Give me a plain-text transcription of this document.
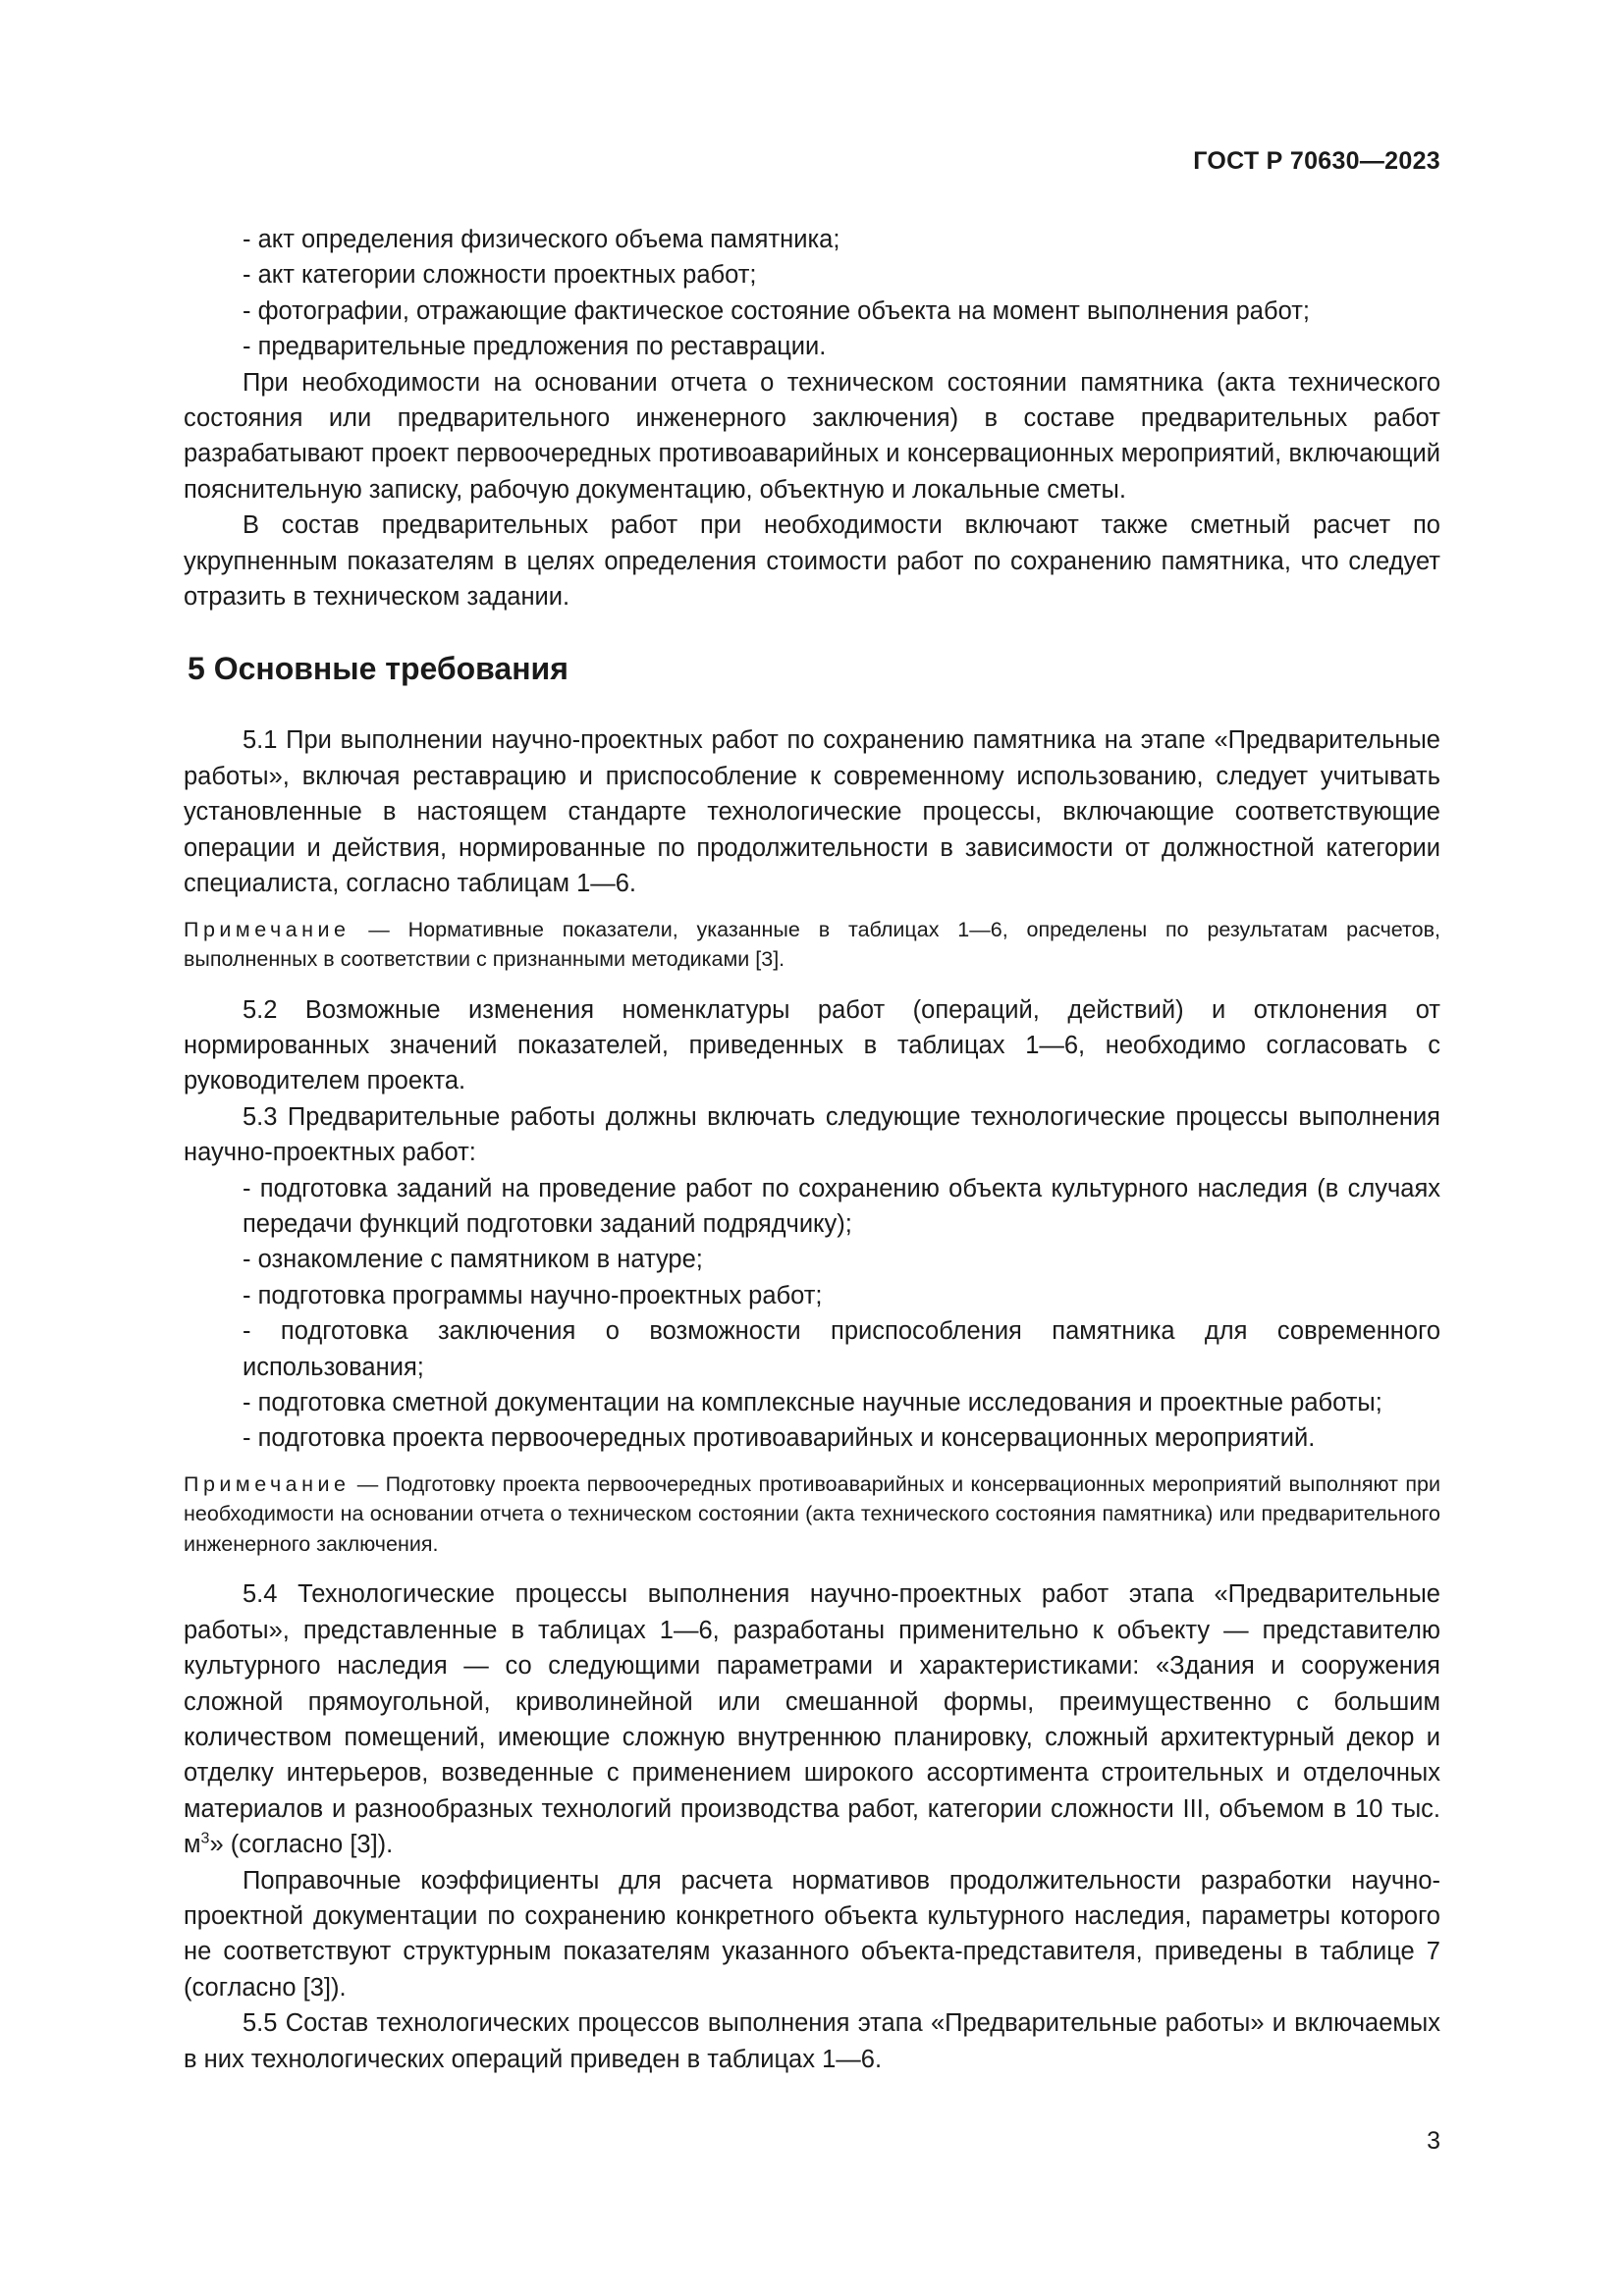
ГОСТ Р 70630—2023

- акт определения физического объема памятника;

- акт категории сложности проектных работ;

- фотографии, отражающие фактическое состояние объекта на момент выполнения работ;

- предварительные предложения по реставрации.

При необходимости на основании отчета о техническом состоянии памятника (акта технического состояния или предварительного инженерного заключения) в составе предварительных работ разрабатывают проект первоочередных противоаварийных и консервационных мероприятий, включающий пояснительную записку, рабочую документацию, объектную и локальные сметы.

В состав предварительных работ при необходимости включают также сметный расчет по укрупненным показателям в целях определения стоимости работ по сохранению памятника, что следует отразить в техническом задании.

5 Основные требования

5.1 При выполнении научно-проектных работ по сохранению памятника на этапе «Предварительные работы», включая реставрацию и приспособление к современному использованию, следует учитывать установленные в настоящем стандарте технологические процессы, включающие соответствующие операции и действия, нормированные по продолжительности в зависимости от должностной категории специалиста, согласно таблицам 1—6.

Примечание — Нормативные показатели, указанные в таблицах 1—6, определены по результатам расчетов, выполненных в соответствии с признанными методиками [3].

5.2 Возможные изменения номенклатуры работ (операций, действий) и отклонения от нормированных значений показателей, приведенных в таблицах 1—6, необходимо согласовать с руководителем проекта.

5.3 Предварительные работы должны включать следующие технологические процессы выполнения научно-проектных работ:

- подготовка заданий на проведение работ по сохранению объекта культурного наследия (в случаях передачи функций подготовки заданий подрядчику);

- ознакомление с памятником в натуре;

- подготовка программы научно-проектных работ;

- подготовка заключения о возможности приспособления памятника для современного использования;

- подготовка сметной документации на комплексные научные исследования и проектные работы;

- подготовка проекта первоочередных противоаварийных и консервационных мероприятий.

Примечание — Подготовку проекта первоочередных противоаварийных и консервационных мероприятий выполняют при необходимости на основании отчета о техническом состоянии (акта технического состояния памятника) или предварительного инженерного заключения.

5.4 Технологические процессы выполнения научно-проектных работ этапа «Предварительные работы», представленные в таблицах 1—6, разработаны применительно к объекту — представителю культурного наследия — со следующими параметрами и характеристиками: «Здания и сооружения сложной прямоугольной, криволинейной или смешанной формы, преимущественно с большим количеством помещений, имеющие сложную внутреннюю планировку, сложный архитектурный декор и отделку интерьеров, возведенные с применением широкого ассортимента строительных и отделочных материалов и разнообразных технологий производства работ, категории сложности III, объемом в 10 тыс. $м^3$» (согласно [3]).

Поправочные коэффициенты для расчета нормативов продолжительности разработки научно-проектной документации по сохранению конкретного объекта культурного наследия, параметры которого не соответствуют структурным показателям указанного объекта-представителя, приведены в таблице 7 (согласно [3]).

5.5 Состав технологических процессов выполнения этапа «Предварительные работы» и включаемых в них технологических операций приведен в таблицах 1—6.

3
